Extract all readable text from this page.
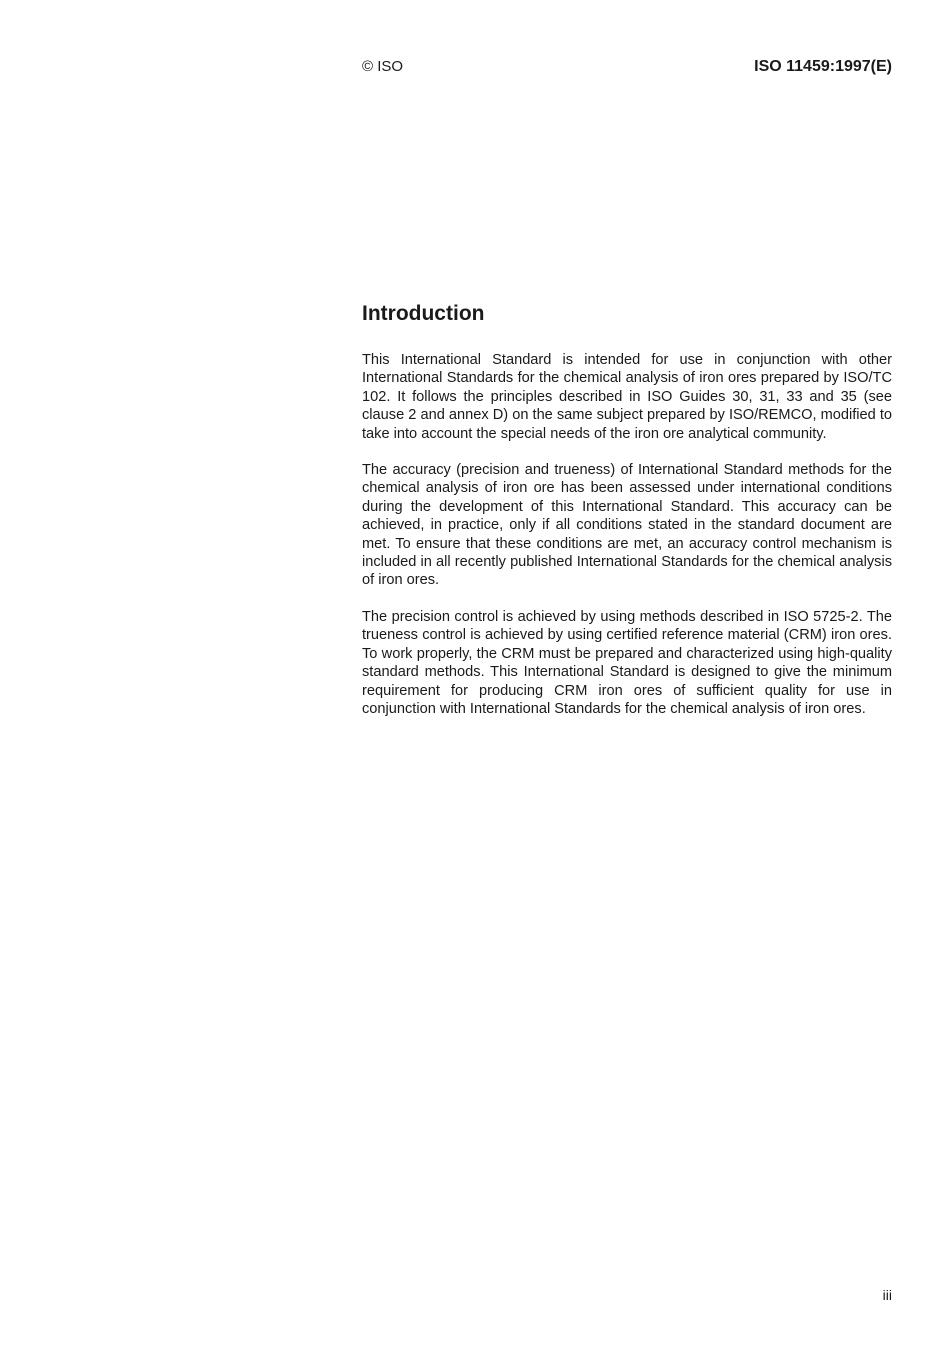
© ISO	ISO 11459:1997(E)
Introduction

This International Standard is intended for use in conjunction with other International Standards for the chemical analysis of iron ores prepared by ISO/TC 102. It follows the principles described in ISO Guides 30, 31, 33 and 35 (see clause 2 and annex D) on the same subject prepared by ISO/REMCO, modified to take into account the special needs of the iron ore analytical community.

The accuracy (precision and trueness) of International Standard methods for the chemical analysis of iron ore has been assessed under international conditions during the development of this International Standard. This accuracy can be achieved, in practice, only if all conditions stated in the standard document are met. To ensure that these conditions are met, an accuracy control mechanism is included in all recently published International Standards for the chemical analysis of iron ores.

The precision control is achieved by using methods described in ISO 5725-2. The trueness control is achieved by using certified reference material (CRM) iron ores. To work properly, the CRM must be prepared and characterized using high-quality standard methods. This International Standard is designed to give the minimum requirement for producing CRM iron ores of sufficient quality for use in conjunction with International Standards for the chemical analysis of iron ores.

iii
